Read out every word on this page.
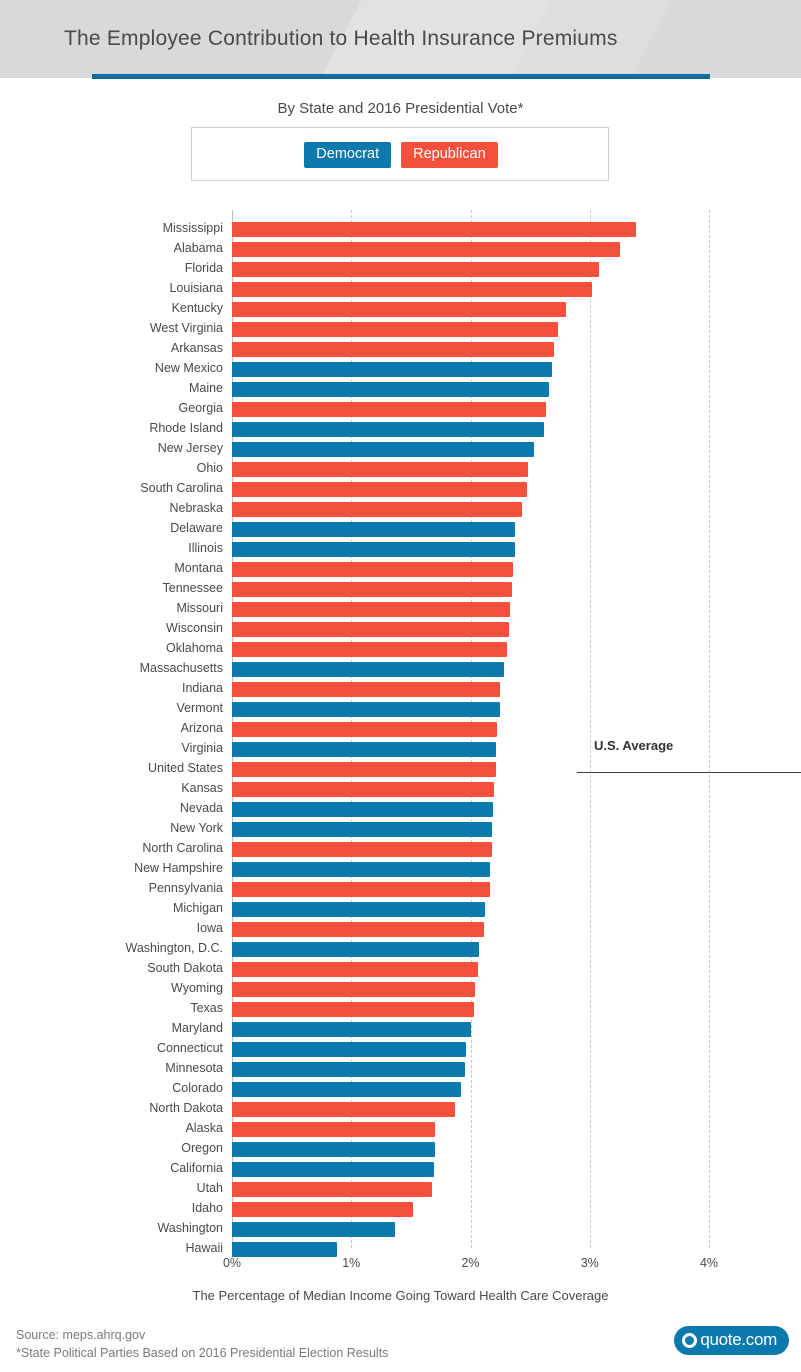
The Employee Contribution to Health Insurance Premiums
By State and 2016 Presidential Vote*
Democrat	Republican
Mississippi
Alabama
Florida
Louisiana
Kentucky
West Virginia
Arkansas
New Mexico
Maine
Georgia
Rhode Island
New Jersey
Ohio
South Carolina
Nebraska
Delaware
Illinois
Montana
Tennessee
Missouri
Wisconsin
Oklahoma
Massachusetts
Indiana
Vermont
Arizona
Virginia
United States
Kansas
Nevada
New York
North Carolina
New Hampshire
Pennsylvania
Michigan
Iowa
Washington, D.C.
South Dakota
Wyoming
Texas
Maryland
Connecticut
Minnesota
Colorado
North Dakota
Alaska
Oregon
California
Utah
Idaho
Washington
Hawaii
U.S. Average
0%	1%	2%	3%	4%
The Percentage of Median Income Going Toward Health Care Coverage
Source: meps.ahrq.gov
*State Political Parties Based on 2016 Presidential Election Results
quote.com
